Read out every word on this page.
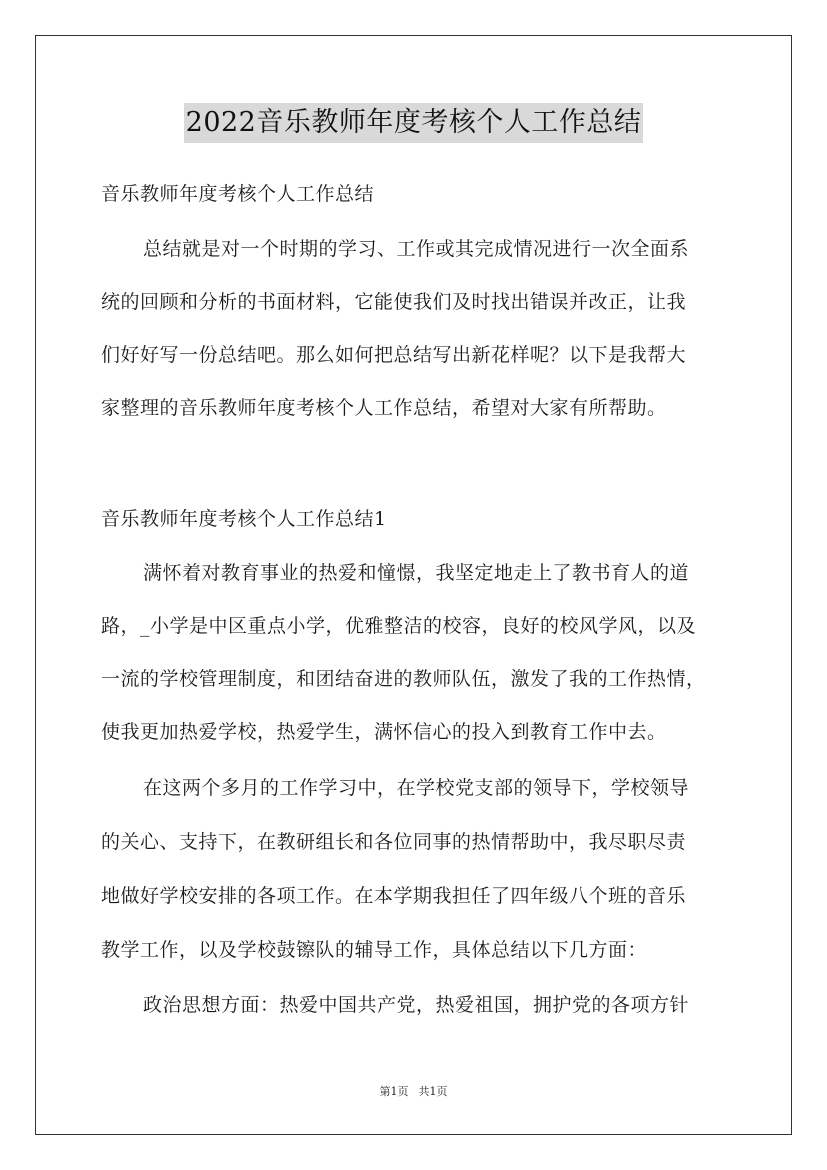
2022音乐教师年度考核个人工作总结
音乐教师年度考核个人工作总结
总结就是对一个时期的学习、工作或其完成情况进行一次全面系
统的回顾和分析的书面材料，它能使我们及时找出错误并改正，让我
们好好写一份总结吧。那么如何把总结写出新花样呢？以下是我帮大
家整理的音乐教师年度考核个人工作总结，希望对大家有所帮助。
音乐教师年度考核个人工作总结1
满怀着对教育事业的热爱和憧憬，我坚定地走上了教书育人的道
路，_小学是中区重点小学，优雅整洁的校容，良好的校风学风，以及
一流的学校管理制度，和团结奋进的教师队伍，激发了我的工作热情，
使我更加热爱学校，热爱学生，满怀信心的投入到教育工作中去。
在这两个多月的工作学习中，在学校党支部的领导下，学校领导
的关心、支持下，在教研组长和各位同事的热情帮助中，我尽职尽责
地做好学校安排的各项工作。在本学期我担任了四年级八个班的音乐
教学工作，以及学校鼓镲队的辅导工作，具体总结以下几方面：
政治思想方面：热爱中国共产党，热爱祖国，拥护党的各项方针
第1页 共1页
